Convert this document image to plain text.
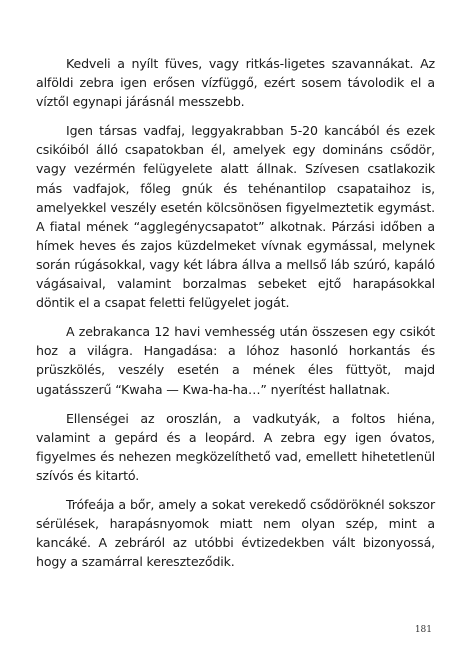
Kedveli a nyílt füves, vagy ritkás-ligetes szavannákat. Az alföldi zebra igen erősen vízfüggő, ezért sosem távolodik el a víztől egynapi járásnál messzebb.

Igen társas vadfaj, leggyakrabban 5-20 kancából és ezek csikóiból álló csapatokban él, amelyek egy domináns csődör, vagy vezérmén felügyelete alatt állnak. Szívesen csatlakozik más vadfajok, főleg gnúk és tehénantilop csapataihoz is, amelyekkel veszély esetén kölcsönösen figyelmeztetik egymást. A fiatal mének “agglegénycsapatot” alkotnak. Párzási időben a hímek heves és zajos küzdelmeket vívnak egymással, melynek során rúgásokkal, vagy két lábra állva a mellső láb szúró, kapáló vágásaival, valamint borzalmas sebeket ejtő harapásokkal döntik el a csapat feletti felügyelet jogát.

A zebrakanca 12 havi vemhesség után összesen egy csikót hoz a világra. Hangadása: a lóhoz hasonló horkantás és prüszkölés, veszély esetén a mének éles füttyöt, majd ugatásszerű “Kwaha — Kwa-ha-ha…” nyerítést hallatnak.

Ellenségei az oroszlán, a vadkutyák, a foltos hiéna, valamint a gepárd és a leopárd. A zebra egy igen óvatos, figyelmes és nehezen megközelíthető vad, emellett hihetetlenül szívós és kitartó.

Trófeája a bőr, amely a sokat verekedő csődöröknél sokszor sérülések, harapásnyomok miatt nem olyan szép, mint a kancáké. A zebráról az utóbbi évtizedekben vált bizonyossá, hogy a szamárral kereszteződik.

181
